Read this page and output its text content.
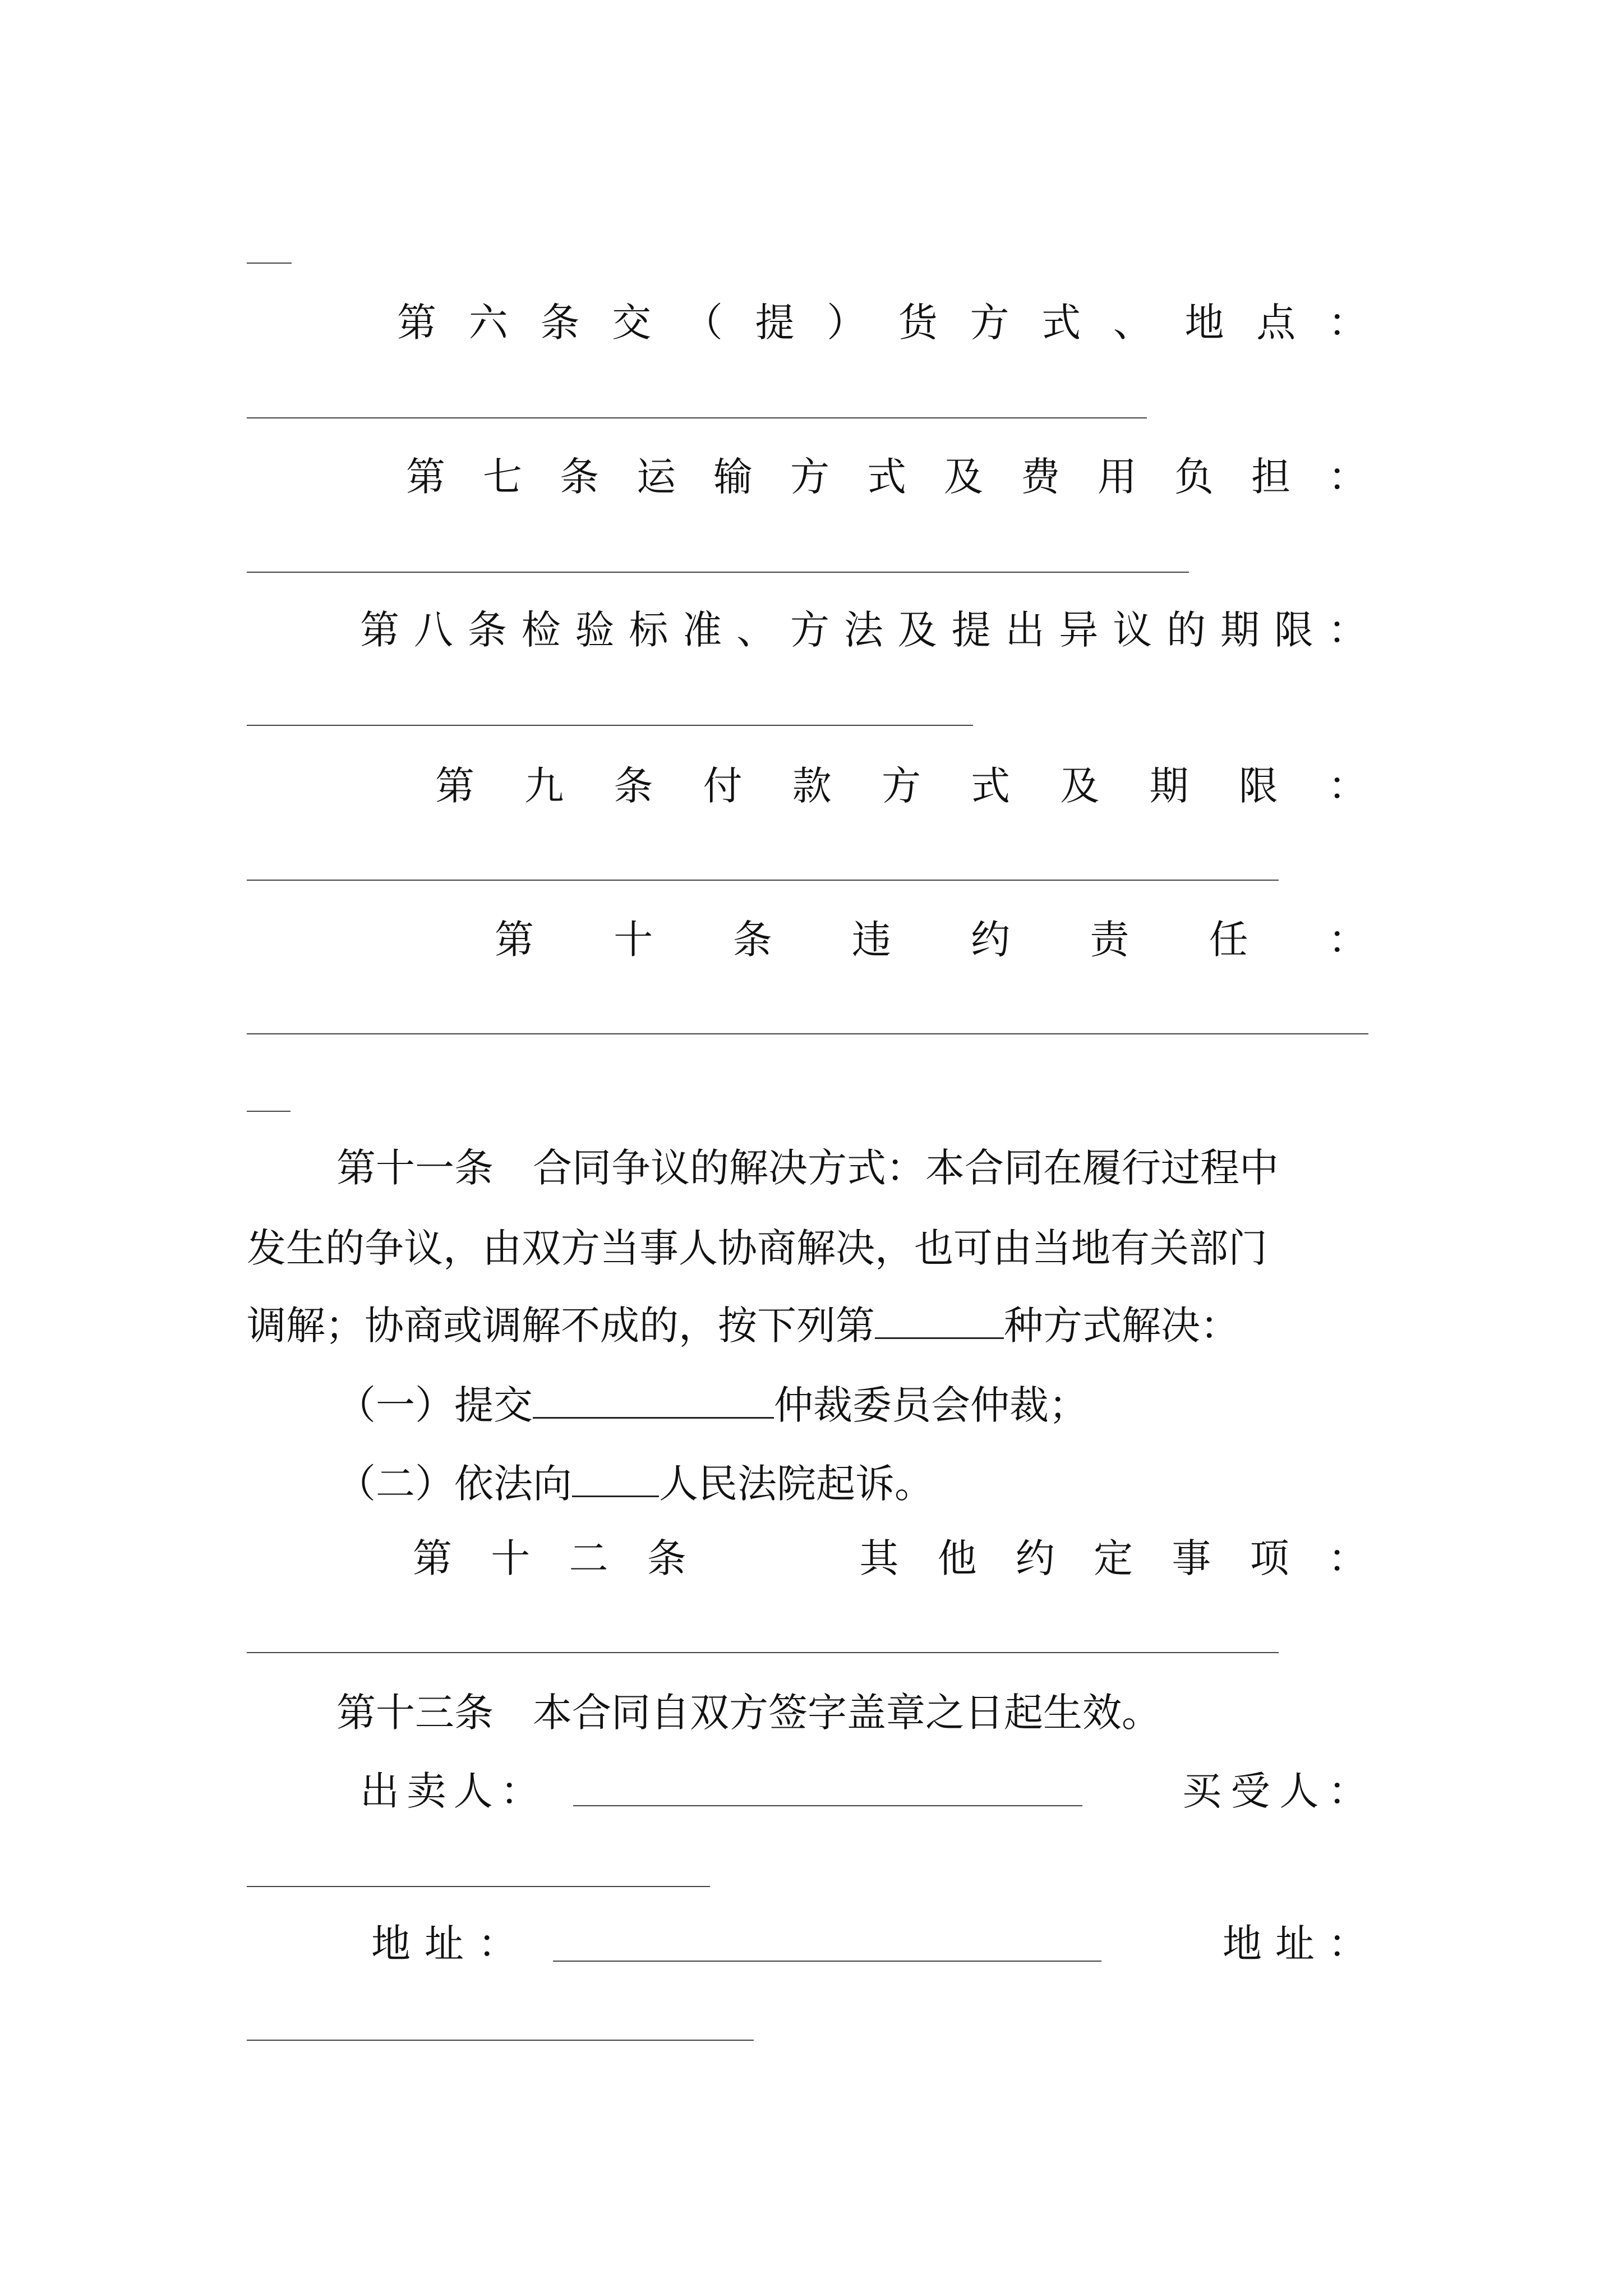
第 六 条 交 （ 提 ） 货 方 式 、 地 点 ：
第 七 条 运 输 方 式 及 费 用 负 担 ：
第 八 条 检 验 标 准 、 方 法 及 提 出 异 议 的 期 限 ：
第 九 条 付 款 方 式 及 期 限 ：
第 十 条 违 约 责 任 ：
第十一条　合同争议的解决方式：本合同在履行过程中
发生的争议，由双方当事人协商解决，也可由当地有关部门
调解；协商或调解不成的，按下列第	种方式解决：
（一）提交	仲裁委员会仲裁；
（二）依法向 人民法院起诉。
第 十 二 条	其 他 约 定 事 项 ：
第十三条　本合同自双方签字盖章之日起生效。
出 卖 人 ：	买 受 人 ：
地 址 ：	地 址 ：
